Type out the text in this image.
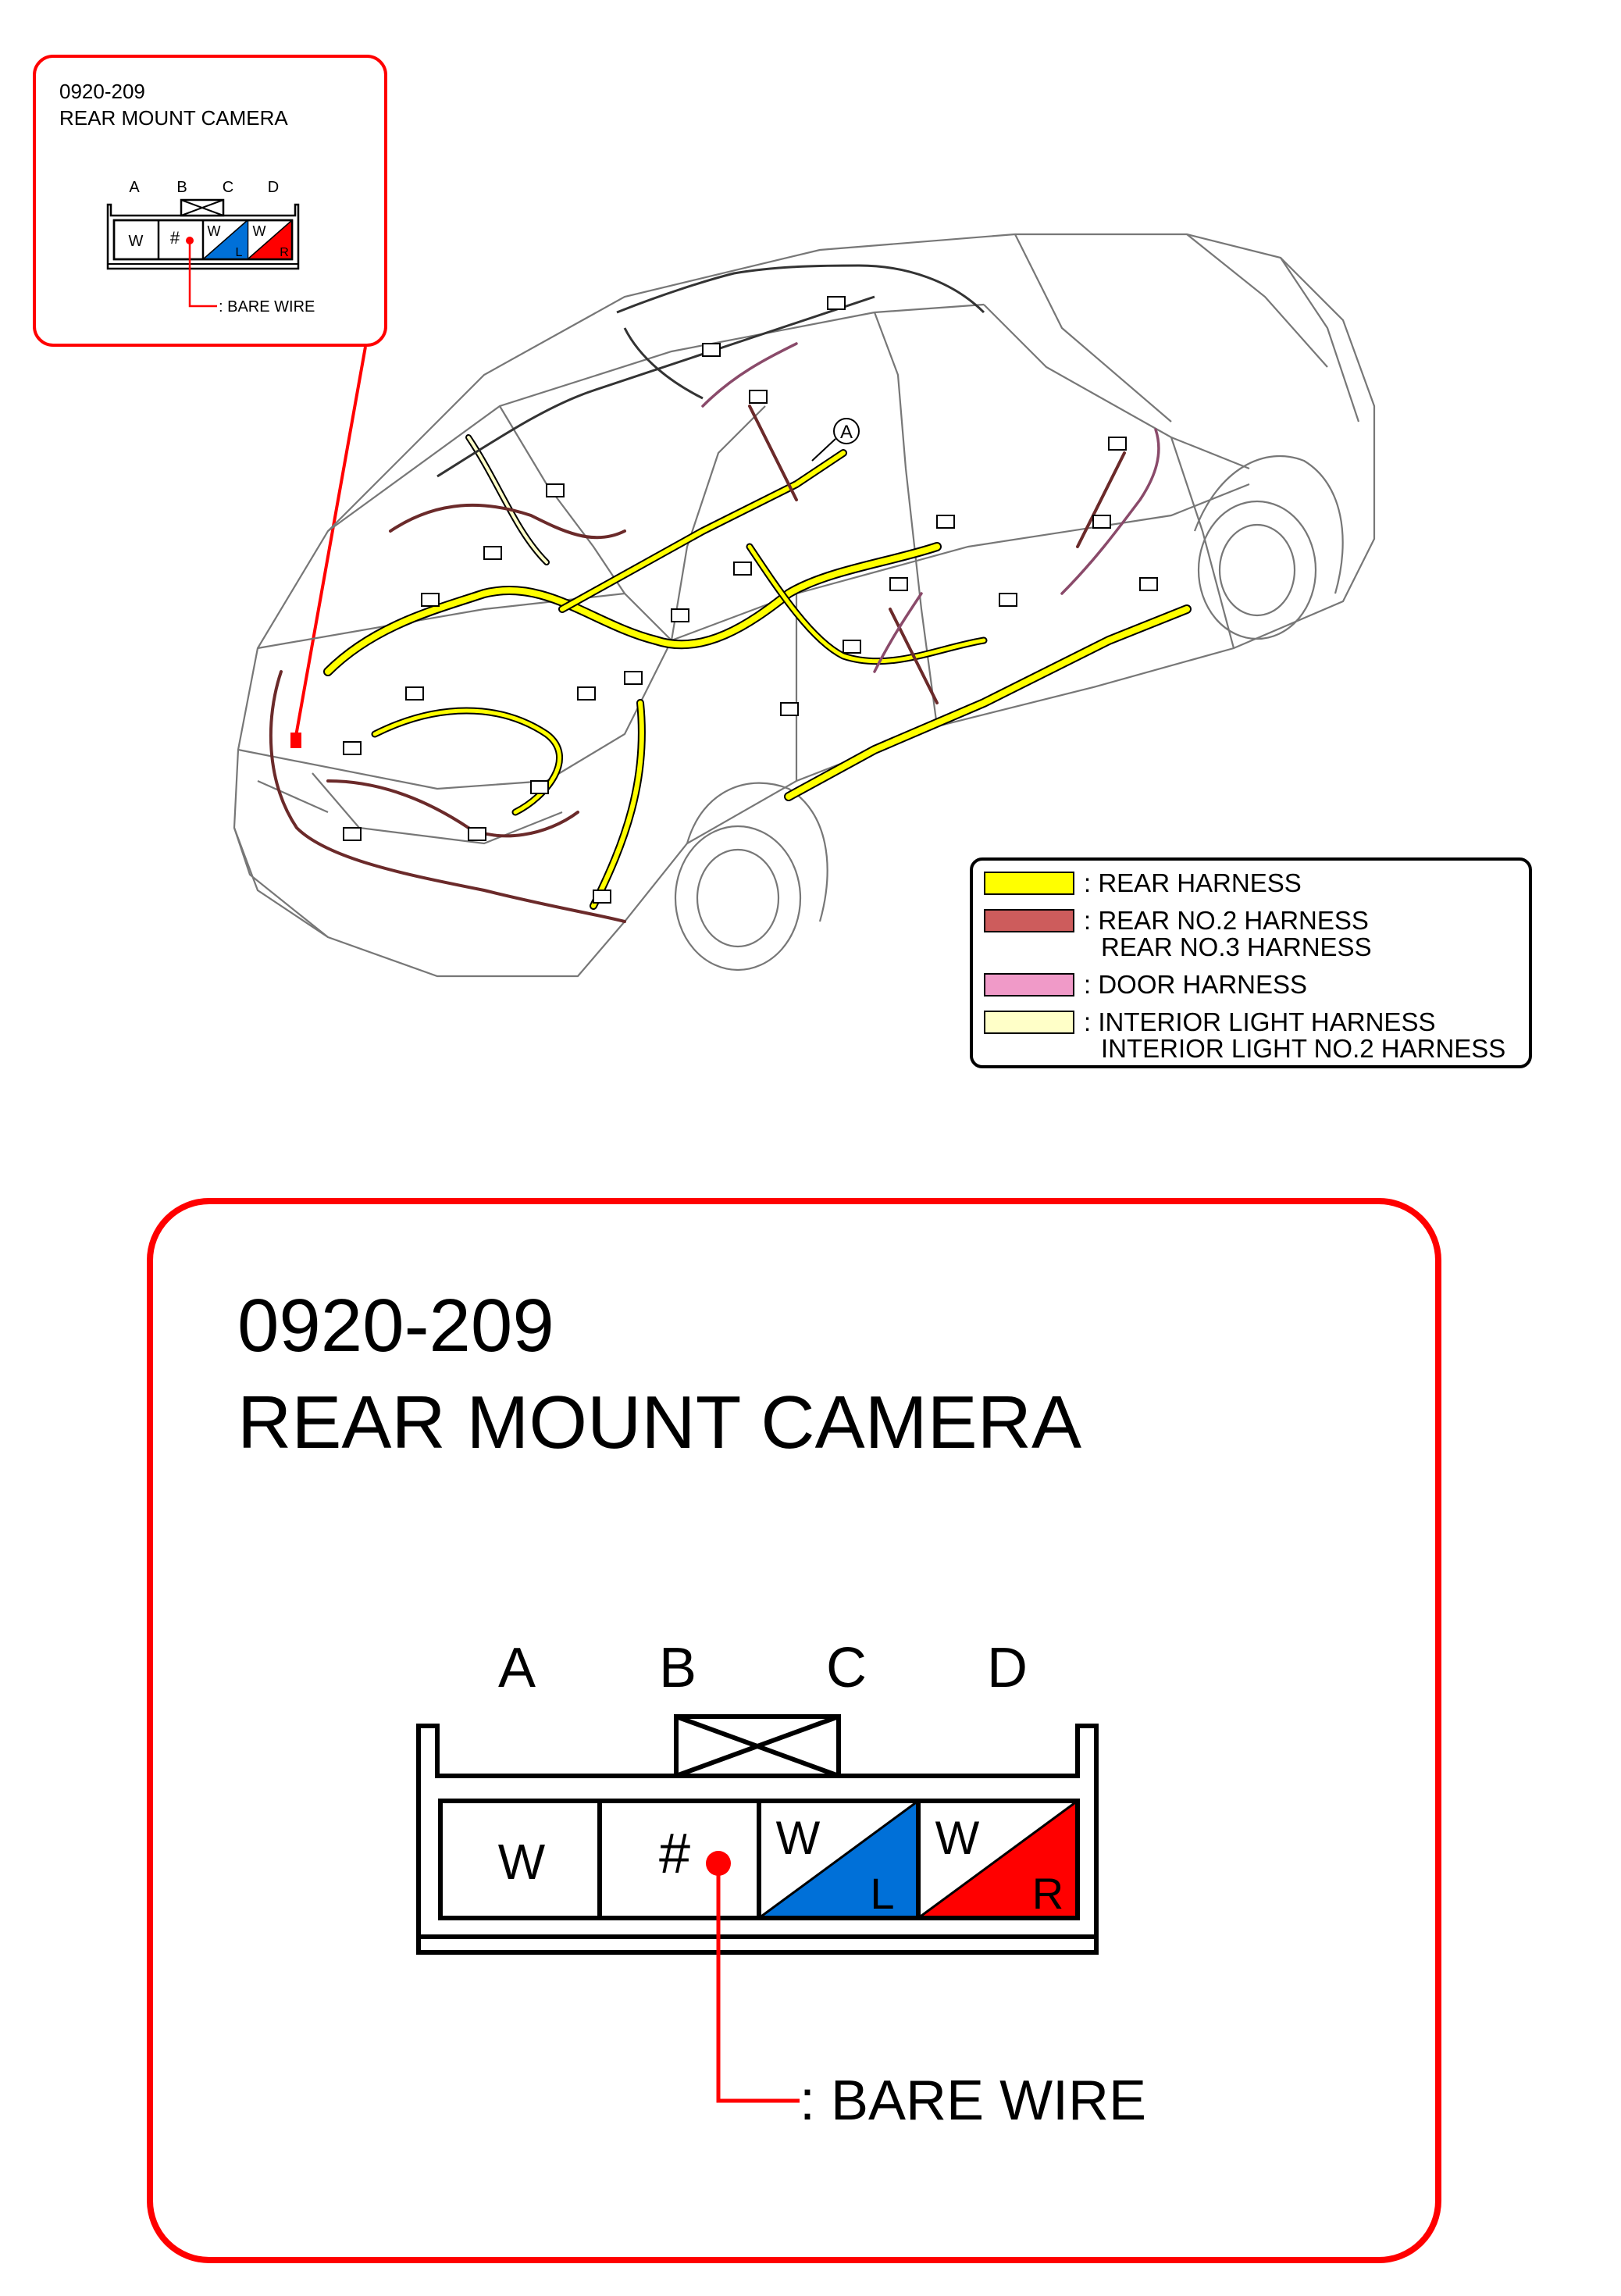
0920-209
REAR MOUNT CAMERA
A B C D
W # W
L
W
R
: BARE WIRE
A
: REAR HARNESS
: REAR NO.2 HARNESS
REAR NO.3 HARNESS
: DOOR HARNESS
: INTERIOR LIGHT HARNESS
INTERIOR LIGHT NO.2 HARNESS
0920-209
REAR MOUNT CAMERA
A B C D
W # W
L
W
R
: BARE WIRE
